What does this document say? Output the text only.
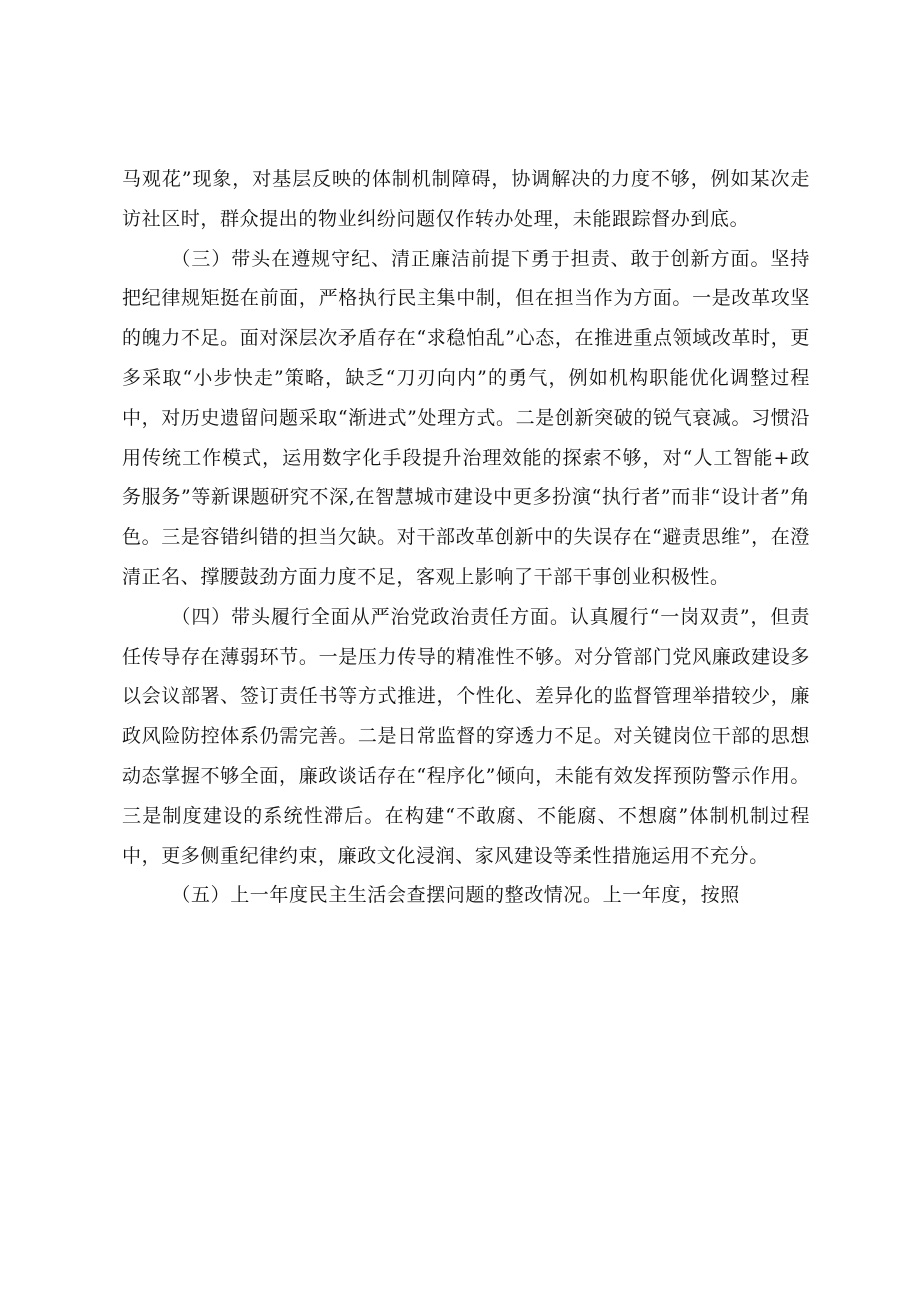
马观花”现象，对基层反映的体制机制障碍，协调解决的力度不够，例如某次走访社区时，群众提出的物业纠纷问题仅作转办处理，未能跟踪督办到底。

（三）带头在遵规守纪、清正廉洁前提下勇于担责、敢于创新方面。坚持把纪律规矩挺在前面，严格执行民主集中制，但在担当作为方面。一是改革攻坚的魄力不足。面对深层次矛盾存在“求稳怕乱”心态，在推进重点领域改革时，更多采取“小步快走”策略，缺乏“刀刃向内”的勇气，例如机构职能优化调整过程中，对历史遗留问题采取“渐进式”处理方式。二是创新突破的锐气衰减。习惯沿用传统工作模式，运用数字化手段提升治理效能的探索不够，对“人工智能+政务服务”等新课题研究不深,在智慧城市建设中更多扮演“执行者”而非“设计者”角色。三是容错纠错的担当欠缺。对干部改革创新中的失误存在“避责思维”，在澄清正名、撑腰鼓劲方面力度不足，客观上影响了干部干事创业积极性。

（四）带头履行全面从严治党政治责任方面。认真履行“一岗双责”，但责任传导存在薄弱环节。一是压力传导的精准性不够。对分管部门党风廉政建设多以会议部署、签订责任书等方式推进，个性化、差异化的监督管理举措较少，廉政风险防控体系仍需完善。二是日常监督的穿透力不足。对关键岗位干部的思想动态掌握不够全面，廉政谈话存在“程序化”倾向，未能有效发挥预防警示作用。三是制度建设的系统性滞后。在构建“不敢腐、不能腐、不想腐”体制机制过程中，更多侧重纪律约束，廉政文化浸润、家风建设等柔性措施运用不充分。

（五）上一年度民主生活会查摆问题的整改情况。上一年度，按照
